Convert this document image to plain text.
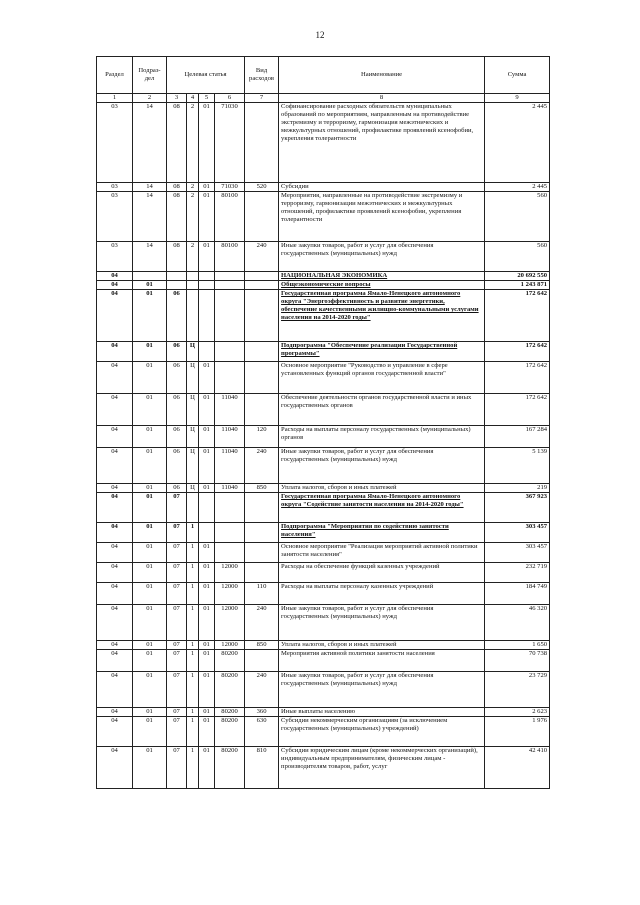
12
Раздел	Подраз-дел	Целевая статья				Вид расходов	Наименование	Сумма
1	2	3	4	5	6	7	8	9
03	14	08	2	01	71030		Софинансирование расходных обязательств муниципальных образований по мероприятиям, направленным на противодействие экстремизму и терроризму, гармонизация межэтнических и межкультурных отношений, профилактике проявлений ксенофобии, укрепления толерантности	2 445
03	14	08	2	01	71030	520	Субсидии	2 445
03	14	08	2	01	80100		Мероприятия, направленные на противодействие экстремизму и терроризму, гармонизации межэтнических и межкультурных отношений, профилактике проявлений ксенофобии, укрепления толерантности	560
03	14	08	2	01	80100	240	Иные закупки товаров, работ и услуг для обеспечения государственных (муниципальных) нужд	560
04							НАЦИОНАЛЬНАЯ ЭКОНОМИКА	20 692 550
04	01						Общеэкономические вопросы	1 243 871
04	01	06					Государственная программа Ямало-Ненецкого автономного округа "Энергоэффективность и развитие энергетики, обеспечение качественными жилищно-коммунальными услугами населения на 2014-2020 годы"	172 642
04	01	06	Ц				Подпрограмма "Обеспечение реализации Государственной программы"	172 642
04	01	06	Ц	01			Основное мероприятие "Руководство и управление в сфере установленных функций органов государственной власти"	172 642
04	01	06	Ц	01	11040		Обеспечение деятельности органов государственной власти и иных государственных органов	172 642
04	01	06	Ц	01	11040	120	Расходы на выплаты персоналу государственных (муниципальных) органов	167 284
04	01	06	Ц	01	11040	240	Иные закупки товаров, работ и услуг для обеспечения государственных (муниципальных) нужд	5 139
04	01	06	Ц	01	11040	850	Уплата налогов, сборов и иных платежей	219
04	01	07					Государственная программа Ямало-Ненецкого автономного округа "Содействие занятости населения на 2014-2020 годы"	367 923
04	01	07	1				Подпрограмма "Мероприятия по содействию занятости населения"	303 457
04	01	07	1	01			Основное мероприятие "Реализация мероприятий активной политики занятости населения"	303 457
04	01	07	1	01	12000		Расходы на обеспечение функций казенных учреждений	232 719
04	01	07	1	01	12000	110	Расходы на выплаты персоналу казенных учреждений	184 749
04	01	07	1	01	12000	240	Иные закупки товаров, работ и услуг для обеспечения государственных (муниципальных) нужд	46 320
04	01	07	1	01	12000	850	Уплата налогов, сборов и иных платежей	1 650
04	01	07	1	01	80200		Мероприятия активной политики занятости населения	70 738
04	01	07	1	01	80200	240	Иные закупки товаров, работ и услуг для обеспечения государственных (муниципальных) нужд	23 729
04	01	07	1	01	80200	360	Иные выплаты населению	2 623
04	01	07	1	01	80200	630	Субсидии некоммерческим организациям (за исключением государственных (муниципальных) учреждений)	1 976
04	01	07	1	01	80200	810	Субсидии юридическим лицам (кроме некоммерческих организаций), индивидуальным предпринимателям, физическим лицам - производителям товаров, работ, услуг	42 410
